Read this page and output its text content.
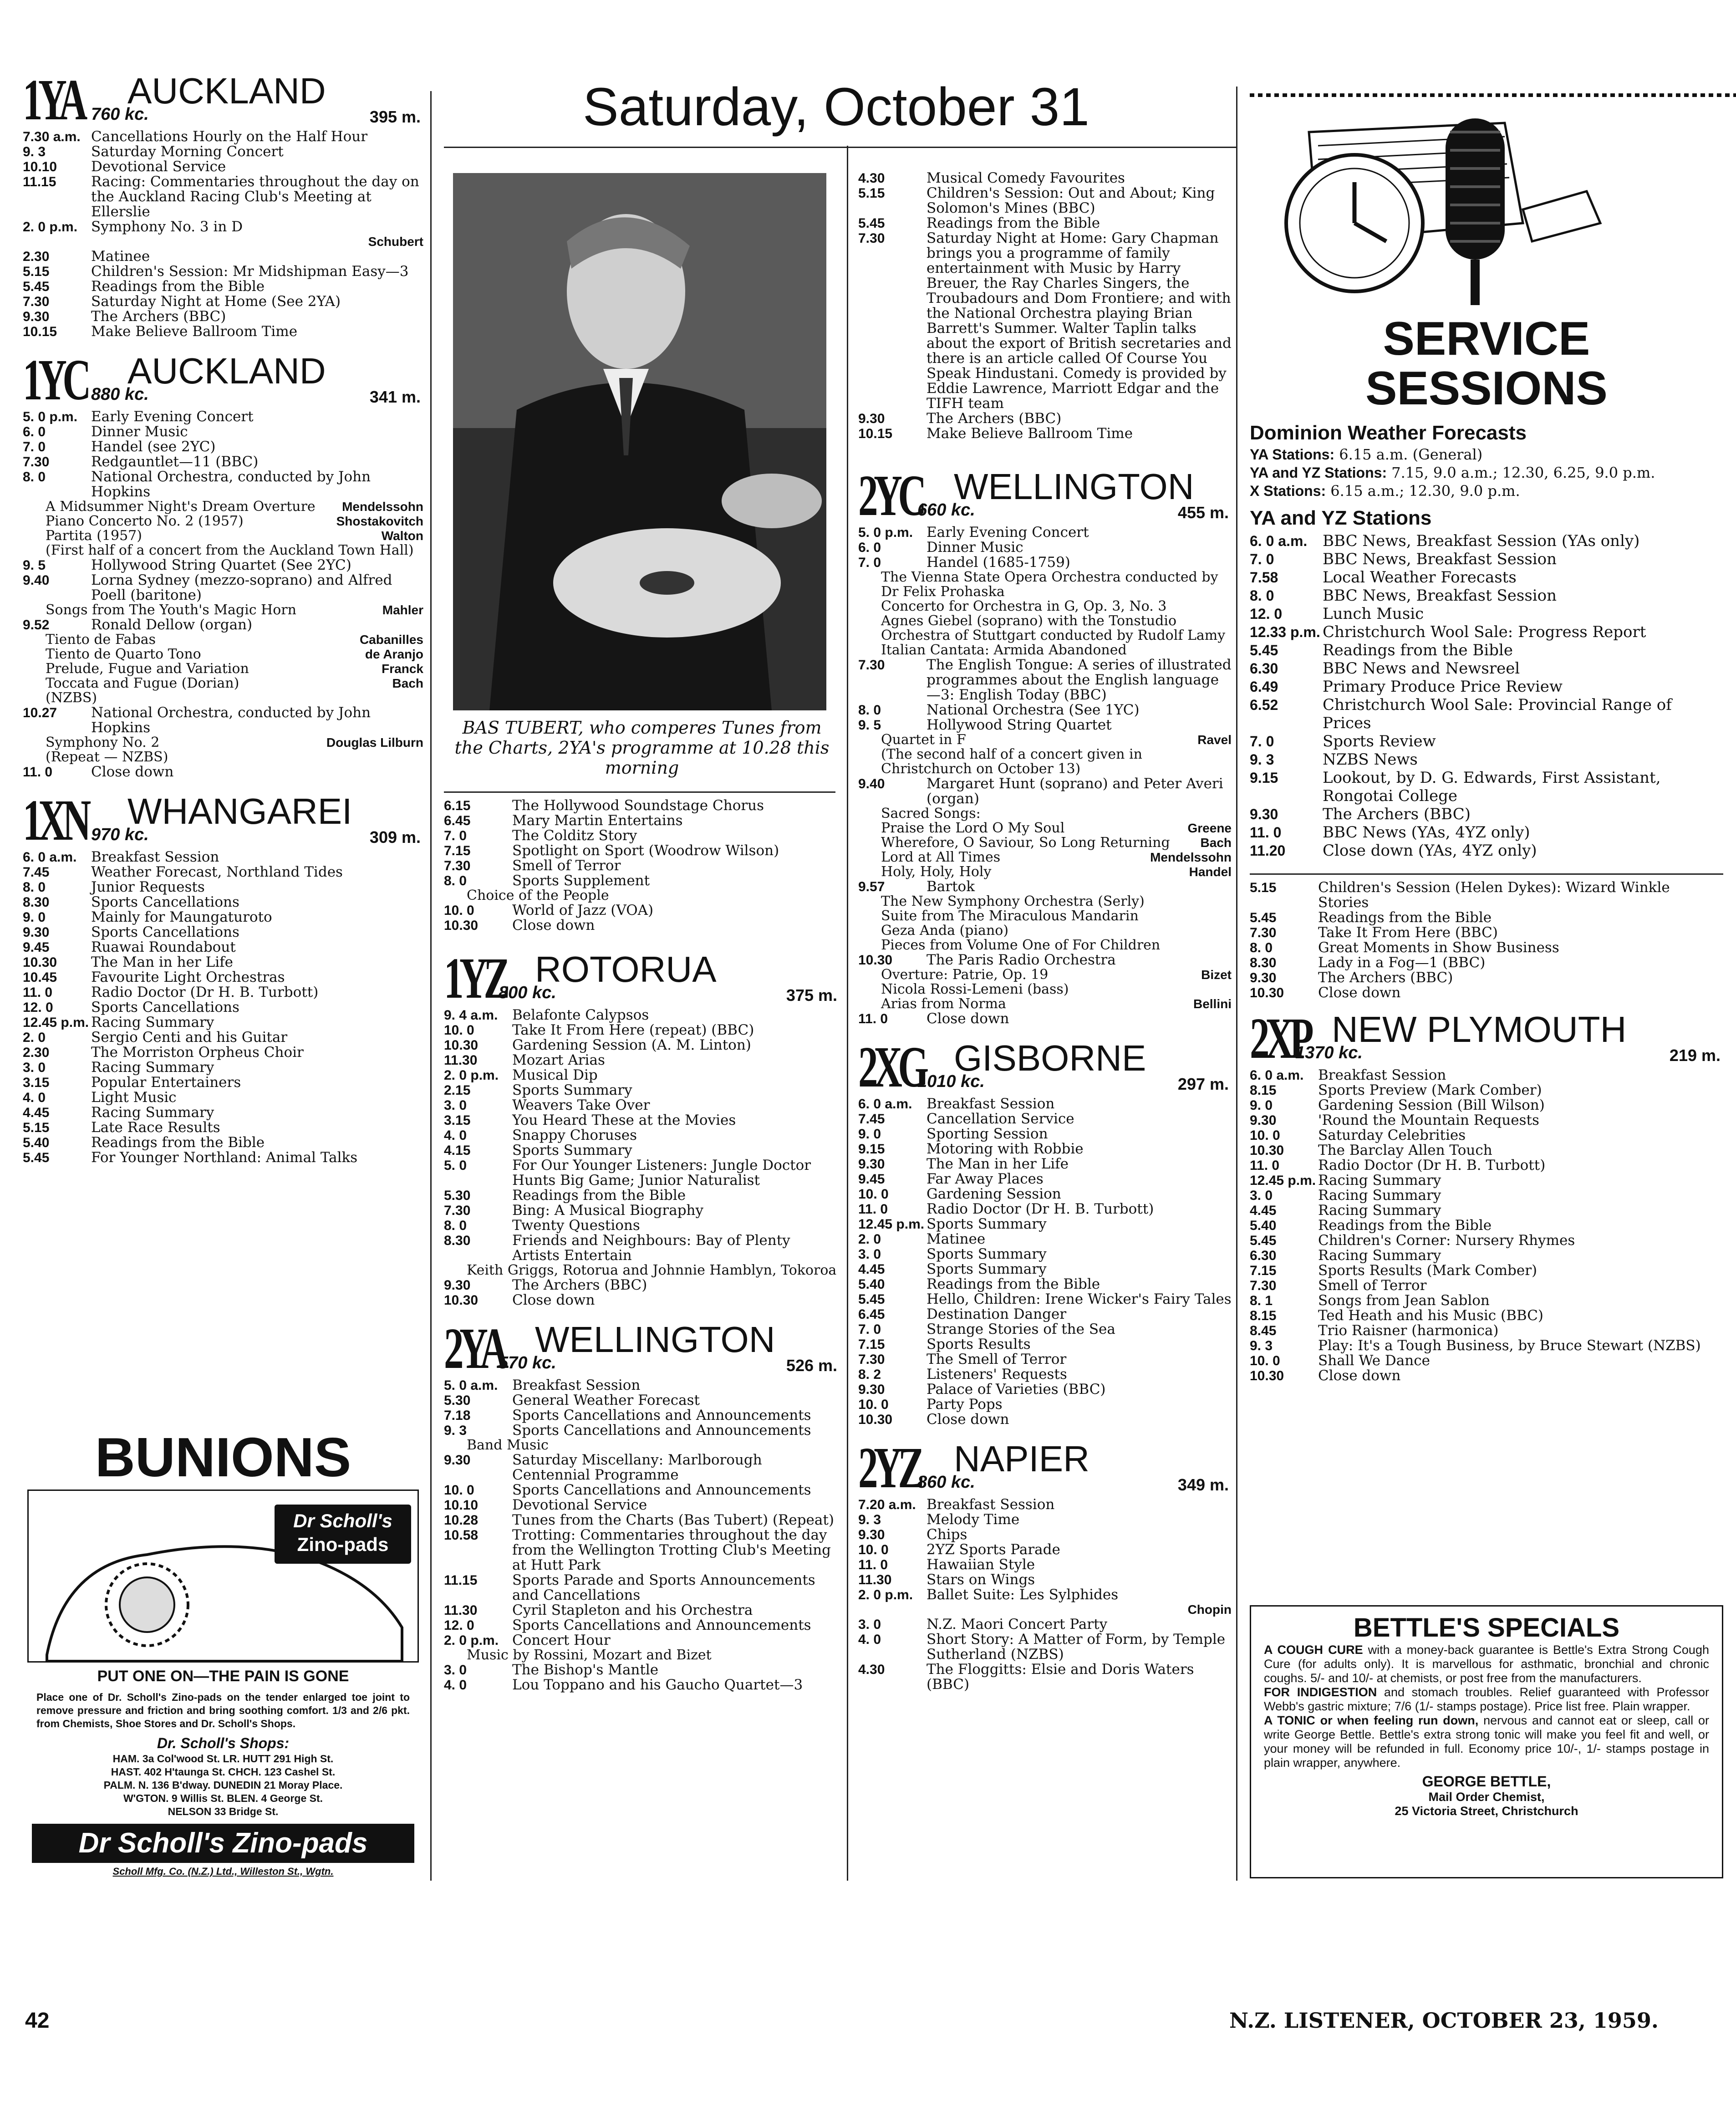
Saturday, October 31
1YA AUCKLAND
760 kc.	395 m.
7.30 a.m. Cancellations Hourly on the Half Hour
9. 3	Saturday Morning Concert
10.10	Devotional Service
11.15	Racing: Commentaries throughout the day on the Auckland Racing Club's Meeting at Ellerslie
2. 0 p.m. Symphony No. 3 in D
Schubert
2.30	Matinee
5.15	Children's Session: Mr Midshipman Easy—3
5.45	Readings from the Bible
7.30	Saturday Night at Home (See 2YA)
9.30	The Archers (BBC)
10.15	Make Believe Ballroom Time
1YC AUCKLAND
880 kc.	341 m.
5. 0 p.m. Early Evening Concert
6. 0	Dinner Music
7. 0	Handel (see 2YC)
7.30	Redgauntlet—11 (BBC)
8. 0	National Orchestra, conducted by John Hopkins
A Midsummer Night's Dream Overture Mendelssohn
Piano Concerto No. 2 (1957)	Shostakovitch
Partita (1957)	Walton
(First half of a concert from the Auckland Town Hall)
9. 5	Hollywood String Quartet (See 2YC)
9.40	Lorna Sydney (mezzo-soprano) and Alfred Poell (baritone)
Songs from The Youth's Magic Horn	Mahler
9.52	Ronald Dellow (organ)
Tiento de Fabas	Cabanilles
Tiento de Quarto Tono	de Aranjo
Prelude, Fugue and Variation	Franck
Toccata and Fugue (Dorian)	Bach
(NZBS)
10.27	National Orchestra, conducted by John Hopkins
Symphony No. 2	Douglas Lilburn
(Repeat — NZBS)
11. 0	Close down
1XN WHANGAREI
970 kc.	309 m.
6. 0 a.m.	Breakfast Session
7.45	Weather Forecast, Northland Tides
8. 0	Junior Requests
8.30	Sports Cancellations
9. 0	Mainly for Maungaturoto
9.30	Sports Cancellations
9.45	Ruawai Roundabout
10.30	The Man in her Life
10.45	Favourite Light Orchestras
11. 0	Radio Doctor (Dr H. B. Turbott)
12. 0	Sports Cancellations
12.45 p.m. Racing Summary
2. 0	Sergio Centi and his Guitar
2.30	The Morriston Orpheus Choir
3. 0	Racing Summary
3.15	Popular Entertainers
4. 0	Light Music
4.45	Racing Summary
5.15	Late Race Results
5.40	Readings from the Bible
5.45	For Younger Northland: Animal Talks
BAS TUBERT, who comperes Tunes from the Charts, 2YA's programme at 10.28 this morning
6.15	The Hollywood Soundstage Chorus
6.45	Mary Martin Entertains
7. 0	The Colditz Story
7.15	Spotlight on Sport (Woodrow Wilson)
7.30	Smell of Terror
8. 0	Sports Supplement
Choice of the People
10. 0	World of Jazz (VOA)
10.30	Close down
1YZ ROTORUA
800 kc.	375 m.
9. 4 a.m.	Belafonte Calypsos
10. 0	Take It From Here (repeat) (BBC)
10.30	Gardening Session (A. M. Linton)
11.30	Mozart Arias
2. 0 p.m. Musical Dip
2.15	Sports Summary
3. 0	Weavers Take Over
3.15	You Heard These at the Movies
4. 0	Snappy Choruses
4.15	Sports Summary
5. 0	For Our Younger Listeners: Jungle Doctor Hunts Big Game; Junior Naturalist
5.30	Readings from the Bible
7.30	Bing: A Musical Biography
8. 0	Twenty Questions
8.30	Friends and Neighbours: Bay of Plenty Artists Entertain
Keith Griggs, Rotorua and Johnnie Hamblyn, Tokoroa
9.30	The Archers (BBC)
10.30	Close down
2YA WELLINGTON
570 kc.	526 m.
5. 0 a.m.	Breakfast Session
5.30	General Weather Forecast
7.18	Sports Cancellations and Announcements
9. 3	Sports Cancellations and Announcements
Band Music
9.30	Saturday Miscellany: Marlborough Centennial Programme
10. 0	Sports Cancellations and Announcements
10.10	Devotional Service
10.28	Tunes from the Charts (Bas Tubert) (Repeat)
10.58	Trotting: Commentaries throughout the day from the Wellington Trotting Club's Meeting at Hutt Park
11.15	Sports Parade and Sports Announcements and Cancellations
11.30	Cyril Stapleton and his Orchestra
12. 0	Sports Cancellations and Announcements
2. 0 p.m. Concert Hour
Music by Rossini, Mozart and Bizet
3. 0	The Bishop's Mantle
4. 0	Lou Toppano and his Gaucho Quartet—3
4.30	Musical Comedy Favourites
5.15	Children's Session: Out and About; King Solomon's Mines (BBC)
5.45	Readings from the Bible
7.30	Saturday Night at Home: Gary Chapman brings you a programme of family entertainment with Music by Harry Breuer, the Ray Charles Singers, the Troubadours and Dom Frontiere; and with the National Orchestra playing Brian Barrett's Summer. Walter Taplin talks about the export of British secretaries and there is an article called Of Course You Speak Hindustani. Comedy is provided by Eddie Lawrence, Marriott Edgar and the TIFH team
9.30	The Archers (BBC)
10.15	Make Believe Ballroom Time
2YC WELLINGTON
660 kc.	455 m.
5. 0 p.m. Early Evening Concert
6. 0	Dinner Music
7. 0	Handel (1685-1759)
The Vienna State Opera Orchestra conducted by Dr Felix Prohaska
Concerto for Orchestra in G, Op. 3, No. 3
Agnes Giebel (soprano) with the Tonstudio Orchestra of Stuttgart conducted by Rudolf Lamy
Italian Cantata: Armida Abandoned
7.30	The English Tongue: A series of illustrated programmes about the English language—3: English Today (BBC)
8. 0	National Orchestra (See 1YC)
9. 5	Hollywood String Quartet
Quartet in F	Ravel
(The second half of a concert given in Christchurch on October 13)
9.40	Margaret Hunt (soprano) and Peter Averi (organ)
Sacred Songs:
Praise the Lord O My Soul	Greene
Wherefore, O Saviour, So Long Returning Bach
Lord at All Times	Mendelssohn
Holy, Holy, Holy	Handel
9.57	Bartok
The New Symphony Orchestra (Serly)
Suite from The Miraculous Mandarin
Geza Anda (piano)
Pieces from Volume One of For Children
10.30	The Paris Radio Orchestra
Overture: Patrie, Op. 19	Bizet
Nicola Rossi-Lemeni (bass)
Arias from Norma	Bellini
11. 0	Close down
2XG GISBORNE
1010 kc.	297 m.
6. 0 a.m.	Breakfast Session
7.45	Cancellation Service
9. 0	Sporting Session
9.15	Motoring with Robbie
9.30	The Man in her Life
9.45	Far Away Places
10. 0	Gardening Session
11. 0	Radio Doctor (Dr H. B. Turbott)
12.45 p.m. Sports Summary
2. 0	Matinee
3. 0	Sports Summary
4.45	Sports Summary
5.40	Readings from the Bible
5.45	Hello, Children: Irene Wicker's Fairy Tales
6.45	Destination Danger
7. 0	Strange Stories of the Sea
7.15	Sports Results
7.30	The Smell of Terror
8. 2	Listeners' Requests
9.30	Palace of Varieties (BBC)
10. 0	Party Pops
10.30	Close down
2YZ NAPIER
860 kc.	349 m.
7.20 a.m. Breakfast Session
9. 3	Melody Time
9.30	Chips
10. 0	2YZ Sports Parade
11. 0	Hawaiian Style
11.30	Stars on Wings
2. 0 p.m. Ballet Suite: Les Sylphides
Chopin
3. 0	N.Z. Maori Concert Party
4. 0	Short Story: A Matter of Form, by Temple Sutherland (NZBS)
4.30	The Floggitts: Elsie and Doris Waters (BBC)
SERVICE
SESSIONS
Dominion Weather Forecasts
YA Stations: 6.15 a.m. (General)
YA and YZ Stations: 7.15, 9.0 a.m.; 12.30, 6.25, 9.0 p.m.
X Stations: 6.15 a.m.; 12.30, 9.0 p.m.
YA and YZ Stations
6. 0 a.m. BBC News, Breakfast Session (YAs only)
7. 0	BBC News, Breakfast Session
7.58	Local Weather Forecasts
8. 0	BBC News, Breakfast Session
12. 0	Lunch Music
12.33 p.m. Christchurch Wool Sale: Progress Report
5.45	Readings from the Bible
6.30	BBC News and Newsreel
6.49	Primary Produce Price Review
6.52	Christchurch Wool Sale: Provincial Range of Prices
7. 0	Sports Review
9. 3	NZBS News
9.15	Lookout, by D. G. Edwards, First Assistant, Rongotai College
9.30	The Archers (BBC)
11. 0	BBC News (YAs, 4YZ only)
11.20	Close down (YAs, 4YZ only)
5.15	Children's Session (Helen Dykes): Wizard Winkle Stories
5.45	Readings from the Bible
7.30	Take It From Here (BBC)
8. 0	Great Moments in Show Business
8.30	Lady in a Fog—1 (BBC)
9.30	The Archers (BBC)
10.30	Close down
2XP NEW PLYMOUTH
1370 kc.	219 m.
6. 0 a.m.	Breakfast Session
8.15	Sports Preview (Mark Comber)
9. 0	Gardening Session (Bill Wilson)
9.30	'Round the Mountain Requests
10. 0	Saturday Celebrities
10.30	The Barclay Allen Touch
11. 0	Radio Doctor (Dr H. B. Turbott)
12.45 p.m. Racing Summary
3. 0	Racing Summary
4.45	Racing Summary
5.40	Readings from the Bible
5.45	Children's Corner: Nursery Rhymes
6.30	Racing Summary
7.15	Sports Results (Mark Comber)
7.30	Smell of Terror
8. 1	Songs from Jean Sablon
8.15	Ted Heath and his Music (BBC)
8.45	Trio Raisner (harmonica)
9. 3	Play: It's a Tough Business, by Bruce Stewart (NZBS)
10. 0	Shall We Dance
10.30	Close down
BUNIONS
Dr Scholl's
Zino-pads
PUT ONE ON—THE PAIN IS GONE
Place one of Dr. Scholl's Zino-pads on the tender enlarged toe joint to remove pressure and friction and bring soothing comfort. 1/3 and 2/6 pkt. from Chemists, Shoe Stores and Dr. Scholl's Shops.
Dr. Scholl's Shops:
HAM. 3a Col'wood St. LR. HUTT 291 High St.
HAST. 402 H'taunga St. CHCH. 123 Cashel St.
PALM. N. 136 B'dway. DUNEDIN 21 Moray Place.
W'GTON. 9 Willis St. BLEN. 4 George St.
NELSON 33 Bridge St.
Dr Scholl's Zino-pads
Scholl Mfg. Co. (N.Z.) Ltd., Willeston St., Wgtn.
BETTLE'S SPECIALS
A COUGH CURE with a money-back guarantee is Bettle's Extra Strong Cough Cure (for adults only). It is marvellous for asthmatic, bronchial and chronic coughs. 5/- and 10/- at chemists, or post free from the manufacturers.
FOR INDIGESTION and stomach troubles. Relief guaranteed with Professor Webb's gastric mixture; 7/6 (1/- stamps postage). Price list free. Plain wrapper.
A TONIC or when feeling run down, nervous and cannot eat or sleep, call or write George Bettle. Bettle's extra strong tonic will make you feel fit and well, or your money will be refunded in full. Economy price 10/-, 1/- stamps postage in plain wrapper, anywhere.
GEORGE BETTLE,
Mail Order Chemist,
25 Victoria Street, Christchurch
42	N.Z. LISTENER, OCTOBER 23, 1959.
